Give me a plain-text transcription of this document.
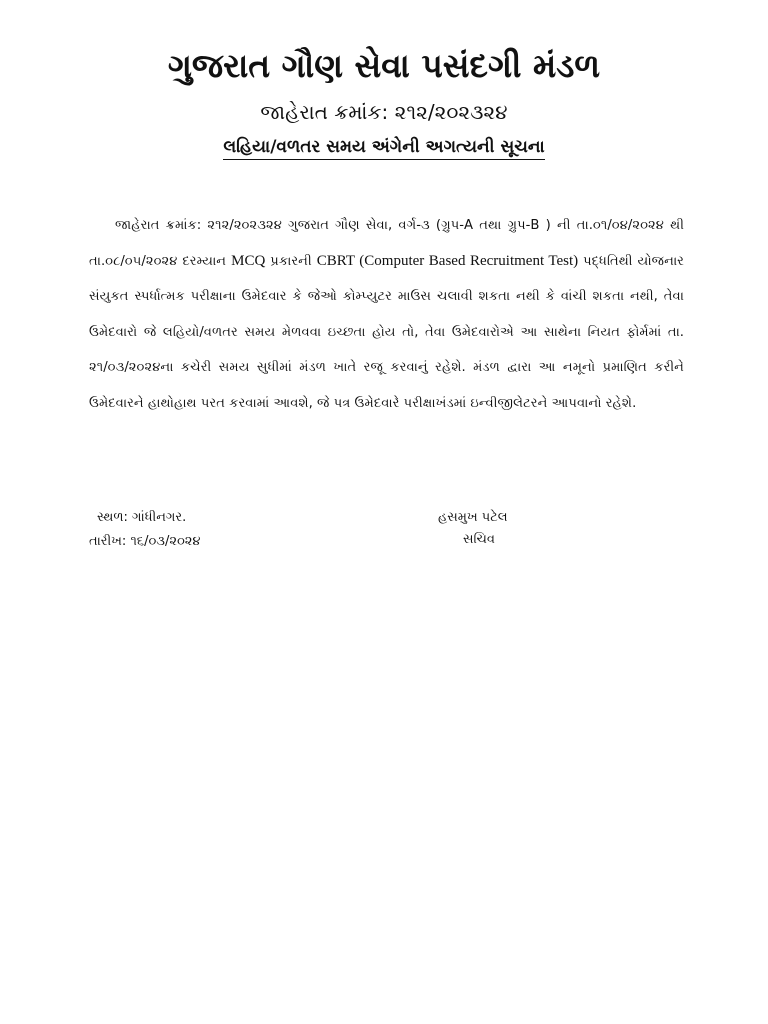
ગુજરાત ગૌણ સેવા પસંદગી મંડળ
જાહેરાત ક્રમાંક: ૨૧૨/૨૦૨૩૨૪
લહિયા/વળતર સમય અંગેની અગત્યની સૂચના
જાહેરાત ક્રમાંક: ૨૧૨/૨૦૨૩૨૪ ગુજરાત ગૌણ સેવા, વર્ગ-૩ (ગ્રુપ-A તથા ગ્રુપ-B ) ની તા.૦૧/૦૪/૨૦૨૪ થી તા.૦૮/૦૫/૨૦૨૪ દરમ્યાન MCQ પ્રકારની CBRT (Computer Based Recruitment Test) પદ્ધતિથી યોજનાર સંયુકત સ્પર્ધાત્મક પરીક્ષાના ઉમેદવાર કે જેઓ કોમ્પ્યુટર માઉસ ચલાવી શકતા નથી કે વાંચી શકતા નથી, તેવા ઉમેદવારો જે લહિયો/વળતર સમય મેળવવા ઇચ્છતા હોય તો, તેવા ઉમેદવારોએ આ સાથેના નિયત ફોર્મમાં તા. ૨૧/૦૩/૨૦૨૪ના કચેરી સમય સુધીમાં મંડળ ખાતે રજૂ કરવાનું રહેશે. મંડળ દ્વારા આ નમૂનો પ્રમાણિત કરીને ઉમેદવારને હાથોહાથ પરત કરવામાં આવશે, જે પત્ર ઉમેદવારે પરીક્ષાખંડમાં ઇન્વીજીલેટરને આપવાનો રહેશે.
સ્થળ: ગાંધીનગર.
તારીખ: ૧૬/૦૩/૨૦૨૪
હસમુખ પટેલ
સચિવ
